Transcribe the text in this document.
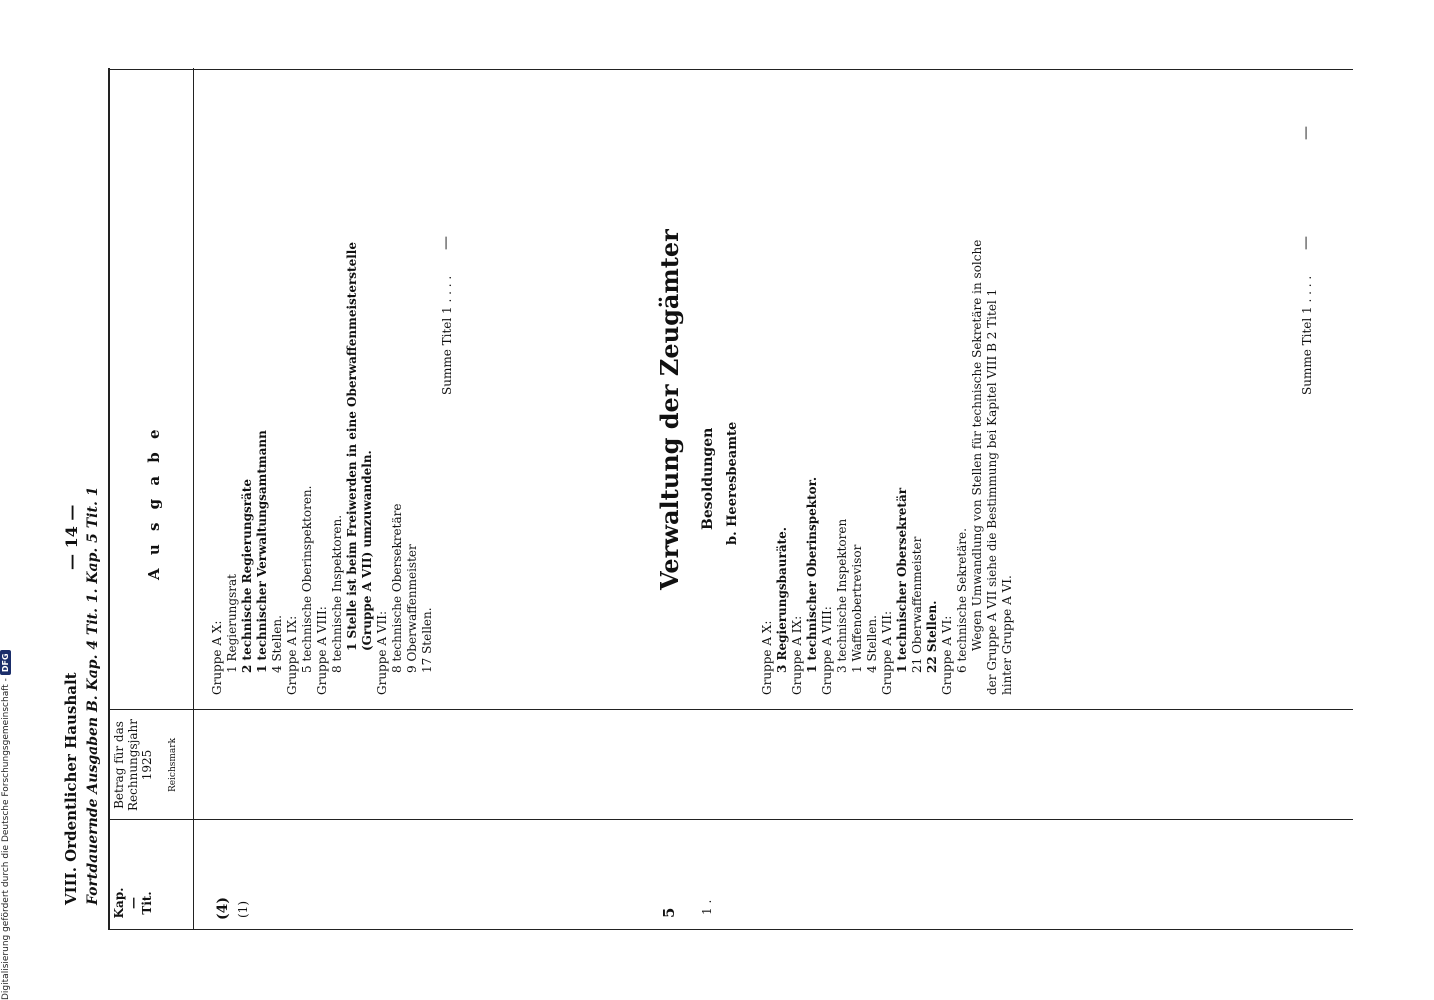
VIII. Ordentlicher Haushalt
— 14 — Fortdauernde Ausgaben B. Kap. 4 Tit. 1. Kap. 5 Tit. 1 Kap. — Tit.
A u s g a b e
Betrag für das Rechnungsjahr 1925 Reichsmark
(4) (1)
Gruppe A X: 1 Regierungsrat 2 technische Regierungsräte 1 technischer Verwaltungsamtmann 4 Stellen. Gruppe A IX: 5 technische Oberinspektoren. Gruppe A VIII: 8 technische Inspektoren. 1 Stelle ist beim Freiwerden in eine Oberwaffenmeisterstelle (Gruppe A VII) umzuwandeln.
Gruppe A VII: 8 technische Obersekretäre 9 Oberwaffenmeister 17 Stellen.
Summe Titel 1 . . . .
—
5 1 .
Verwaltung der Zeugämter Besoldungen b. Heeresbeamte
Gruppe A X: 3 Regierungsbauräte. Gruppe A IX: 1 technischer Oberinspektor. Gruppe A VIII: 3 technische Inspektoren 1 Waffenobertrevisor 4 Stellen. Gruppe A VII: 1 technischer Obersekretär 21 Oberwaffenmeister 22 Stellen. Gruppe A VI: 6 technische Sekretäre. Wegen Umwandlung von Stellen für technische Sekretäre in solche der Gruppe A VII siehe die Bestimmung bei Kapitel VIII B 2 Titel 1 hinter Gruppe A VI.
Summe Titel 1 . . . .
—
—
Digitalisierung gefördert durch die Deutsche Forschungsgemeinschaft -DFG
